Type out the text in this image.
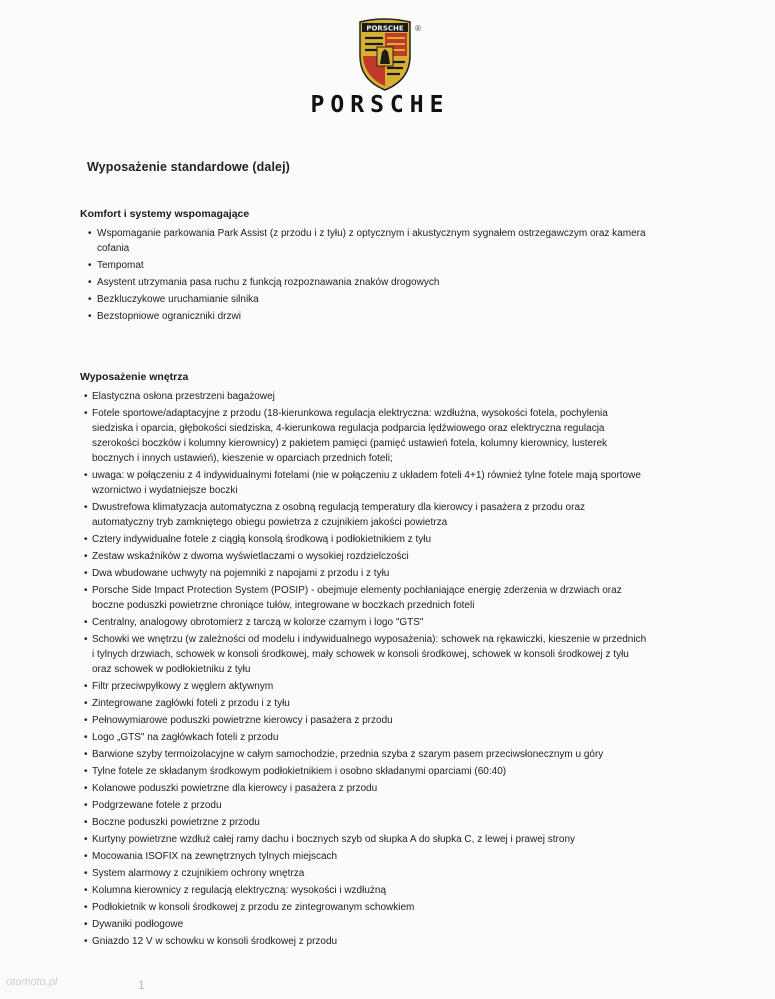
PORSCHE ®
PORSCHE
Wyposażenie standardowe (dalej)
Komfort i systemy wspomagające
• Wspomaganie parkowania Park Assist (z przodu i z tyłu) z optycznym i akustycznym sygnałem ostrzegawczym oraz kamera cofania
• Tempomat
• Asystent utrzymania pasa ruchu z funkcją rozpoznawania znaków drogowych
• Bezkluczykowe uruchamianie silnika
• Bezstopniowe ograniczniki drzwi
Wyposażenie wnętrza
• Elastyczna osłona przestrzeni bagażowej
• Fotele sportowe/adaptacyjne z przodu (18-kierunkowa regulacja elektryczna: wzdłużna, wysokości fotela, pochylenia siedziska i oparcia, głębokości siedziska, 4-kierunkowa regulacja podparcia lędźwiowego oraz elektryczna regulacja szerokości boczków i kolumny kierownicy) z pakietem pamięci (pamięć ustawień fotela, kolumny kierownicy, lusterek bocznych i innych ustawień), kieszenie w oparciach przednich foteli;
• uwaga: w połączeniu z 4 indywidualnymi fotelami (nie w połączeniu z układem foteli 4+1) również tylne fotele mają sportowe wzornictwo i wydatniejsze boczki
• Dwustrefowa klimatyzacja automatyczna z osobną regulacją temperatury dla kierowcy i pasażera z przodu oraz automatyczny tryb zamkniętego obiegu powietrza z czujnikiem jakości powietrza
• Cztery indywidualne fotele z ciągłą konsolą środkową i podłokietnikiem z tyłu
• Zestaw wskaźników z dwoma wyświetlaczami o wysokiej rozdzielczości
• Dwa wbudowane uchwyty na pojemniki z napojami z przodu i z tyłu
• Porsche Side Impact Protection System (POSIP) - obejmuje elementy pochłaniające energię zderzenia w drzwiach oraz boczne poduszki powietrzne chroniące tułów, integrowane w boczkach przednich foteli
• Centralny, analogowy obrotomierz z tarczą w kolorze czarnym i logo "GTS"
• Schowki we wnętrzu (w zależności od modelu i indywidualnego wyposażenia): schowek na rękawiczki, kieszenie w przednich i tylnych drzwiach, schowek w konsoli środkowej, mały schowek w konsoli środkowej, schowek w konsoli środkowej z tyłu oraz schowek w podłokietniku z tyłu
• Filtr przeciwpyłkowy z węglem aktywnym
• Zintegrowane zagłówki foteli z przodu i z tyłu
• Pełnowymiarowe poduszki powietrzne kierowcy i pasażera z przodu
• Logo „GTS" na zagłówkach foteli z przodu
• Barwione szyby termoizolacyjne w całym samochodzie, przednia szyba z szarym pasem przeciwsłonecznym u góry
• Tylne fotele ze składanym środkowym podłokietnikiem i osobno składanymi oparciami (60:40)
• Kolanowe poduszki powietrzne dla kierowcy i pasażera z przodu
• Podgrzewane fotele z przodu
• Boczne poduszki powietrzne z przodu
• Kurtyny powietrzne wzdłuż całej ramy dachu i bocznych szyb od słupka A do słupka C, z lewej i prawej strony
• Mocowania ISOFIX na zewnętrznych tylnych miejscach
• System alarmowy z czujnikiem ochrony wnętrza
• Kolumna kierownicy z regulacją elektryczną: wysokości i wzdłużną
• Podłokietnik w konsoli środkowej z przodu ze zintegrowanym schowkiem
• Dywaniki podłogowe
• Gniazdo 12 V w schowku w konsoli środkowej z przodu
otomoto.pl	1
